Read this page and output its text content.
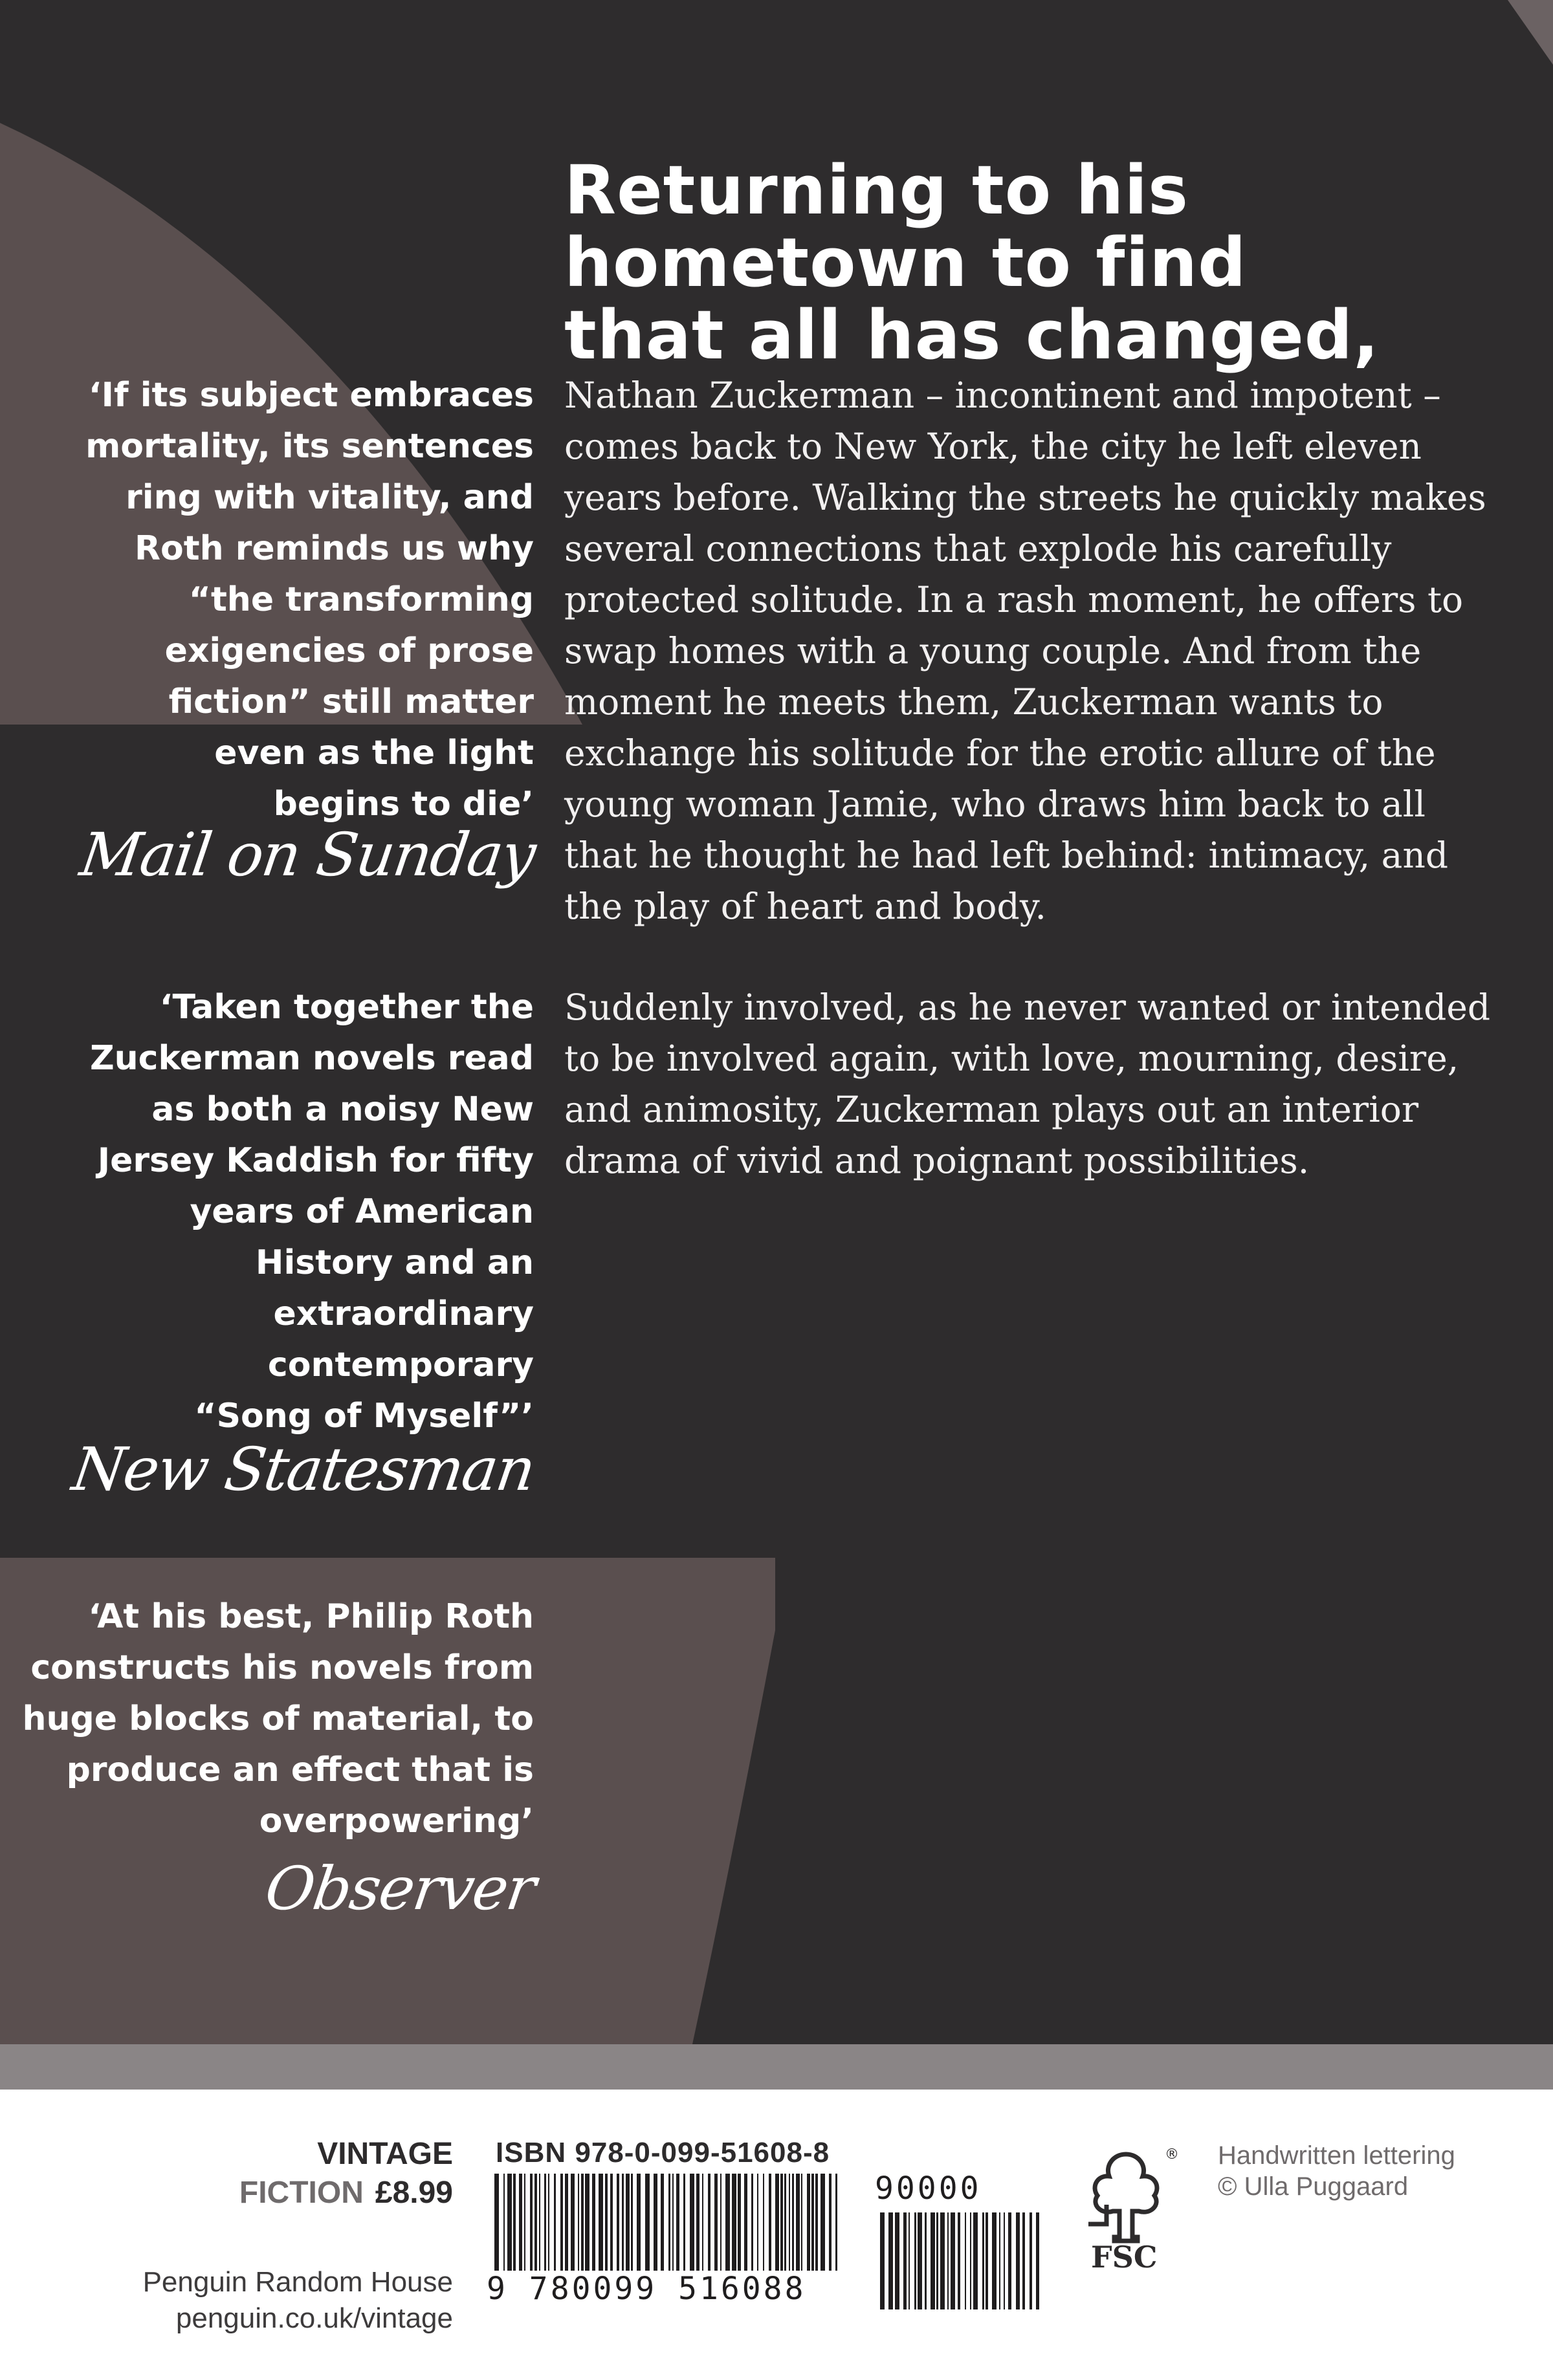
Returning to his
hometown to find
that all has changed,
Nathan Zuckerman – incontinent and impotent –
comes back to New York, the city he left eleven
years before. Walking the streets he quickly makes
several connections that explode his carefully
protected solitude. In a rash moment, he offers to
swap homes with a young couple. And from the
moment he meets them, Zuckerman wants to
exchange his solitude for the erotic allure of the
young woman Jamie, who draws him back to all
that he thought he had left behind: intimacy, and
the play of heart and body.
Suddenly involved, as he never wanted or intended
to be involved again, with love, mourning, desire,
and animosity, Zuckerman plays out an interior
drama of vivid and poignant possibilities.
‘If its subject embraces
mortality, its sentences
ring with vitality, and
Roth reminds us why
“the transforming
exigencies of prose
fiction” still matter
even as the light
begins to die’
Mail on Sunday
‘Taken together the
Zuckerman novels read
as both a noisy New
Jersey Kaddish for fifty
years of American
History and an
extraordinary
contemporary
“Song of Myself”’
New Statesman
‘At his best, Philip Roth
constructs his novels from
huge blocks of material, to
produce an effect that is
overpowering’
Observer
VINTAGE
FICTION £8.99
Penguin Random House
penguin.co.uk/vintage
ISBN 978-0-099-51608-8
9 780099 516088
90000
®
FSC
Handwritten lettering
© Ulla Puggaard
